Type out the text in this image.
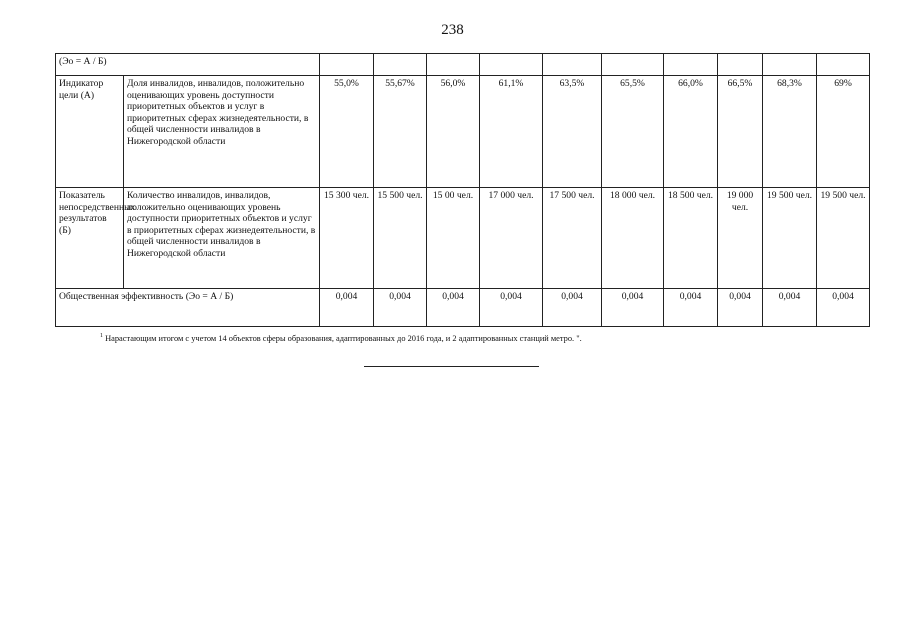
238
(Эо = А / Б)											
Индикатор цели (А)	Доля инвалидов, инвалидов, положительно оценивающих уровень доступности приоритетных объектов и услуг в приоритетных сферах жизнедеятельности, в общей численности инвалидов в Нижегородской области	55,0%	55,67%	56,0%	61,1%	63,5%	65,5%	66,0%	66,5%	68,3%	69%
Показатель непосредственных результатов (Б)	Количество инвалидов, инвалидов, положительно оценивающих уровень доступности приоритетных объектов и услуг в приоритетных сферах жизнедеятельности, в общей численности инвалидов в Нижегородской области	15 300 чел.	15 500 чел.	15 00 чел.	17 000 чел.	17 500 чел.	18 000 чел.	18 500 чел.	19 000 чел.	19 500 чел.	19 500 чел.
Общественная эффективность (Эо = А / Б)		0,004	0,004	0,004	0,004	0,004	0,004	0,004	0,004	0,004	0,004
$^1$ Нарастающим итогом с учетом 14 объектов сферы образования, адаптированных до 2016 года, и 2 адаптированных станций метро. ".
